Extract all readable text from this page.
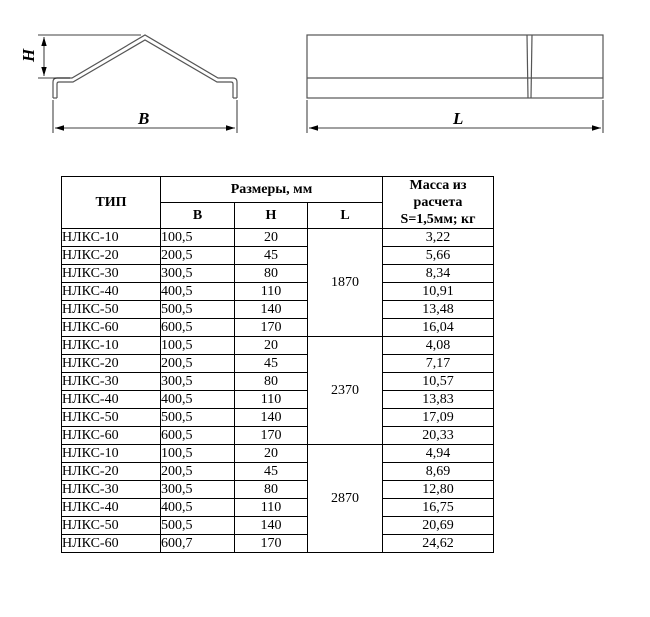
H
B	L
ТИП	Размеры, мм			Масса из
расчета
S=1,5мм; кг
	B	H	L	
НЛКС-10	100,5	20	1870	3,22
НЛКС-20	200,5	45		5,66
НЛКС-30	300,5	80		8,34
НЛКС-40	400,5	110		10,91
НЛКС-50	500,5	140		13,48
НЛКС-60	600,5	170		16,04
НЛКС-10	100,5	20	2370	4,08
НЛКС-20	200,5	45		7,17
НЛКС-30	300,5	80		10,57
НЛКС-40	400,5	110		13,83
НЛКС-50	500,5	140		17,09
НЛКС-60	600,5	170		20,33
НЛКС-10	100,5	20	2870	4,94
НЛКС-20	200,5	45		8,69
НЛКС-30	300,5	80		12,80
НЛКС-40	400,5	110		16,75
НЛКС-50	500,5	140		20,69
НЛКС-60	600,7	170		24,62
